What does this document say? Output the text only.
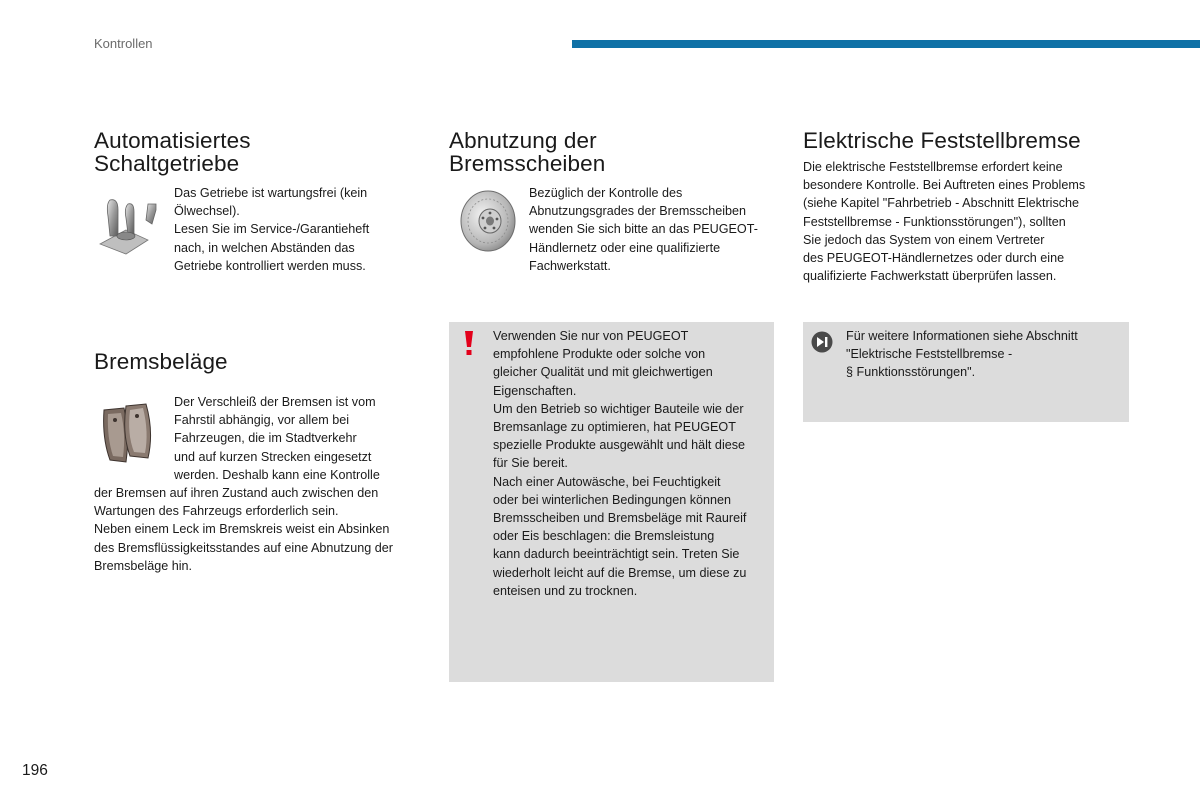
Kontrollen
Automatisiertes
Schaltgetriebe

Das Getriebe ist wartungsfrei (kein
Ölwechsel).
Lesen Sie im Service-/Garantieheft
nach, in welchen Abständen das
Getriebe kontrolliert werden muss.

Bremsbeläge

Der Verschleiß der Bremsen ist vom
Fahrstil abhängig, vor allem bei
Fahrzeugen, die im Stadtverkehr
und auf kurzen Strecken eingesetzt
werden. Deshalb kann eine Kontrolle

der Bremsen auf ihren Zustand auch zwischen den
Wartungen des Fahrzeugs erforderlich sein.
Neben einem Leck im Bremskreis weist ein Absinken
des Bremsflüssigkeitsstandes auf eine Abnutzung der
Bremsbeläge hin.

Abnutzung der
Bremsscheiben

Bezüglich der Kontrolle des
Abnutzungsgrades der Bremsscheiben
wenden Sie sich bitte an das PEUGEOT-
Händlernetz oder eine qualifizierte
Fachwerkstatt.

Verwenden Sie nur von PEUGEOT
empfohlene Produkte oder solche von
gleicher Qualität und mit gleichwertigen
Eigenschaften.
Um den Betrieb so wichtiger Bauteile wie der
Bremsanlage zu optimieren, hat PEUGEOT
spezielle Produkte ausgewählt und hält diese
für Sie bereit.
Nach einer Autowäsche, bei Feuchtigkeit
oder bei winterlichen Bedingungen können
Bremsscheiben und Bremsbeläge mit Raureif
oder Eis beschlagen: die Bremsleistung
kann dadurch beeinträchtigt sein. Treten Sie
wiederholt leicht auf die Bremse, um diese zu
enteisen und zu trocknen.

Elektrische Feststellbremse

Die elektrische Feststellbremse erfordert keine
besondere Kontrolle. Bei Auftreten eines Problems
(siehe Kapitel "Fahrbetrieb - Abschnitt Elektrische
Feststellbremse - Funktionsstörungen"), sollten
Sie jedoch das System von einem Vertreter
des PEUGEOT-Händlernetzes oder durch eine
qualifizierte Fachwerkstatt überprüfen lassen.

Für weitere Informationen siehe Abschnitt
"Elektrische Feststellbremse -
§ Funktionsstörungen".

196
